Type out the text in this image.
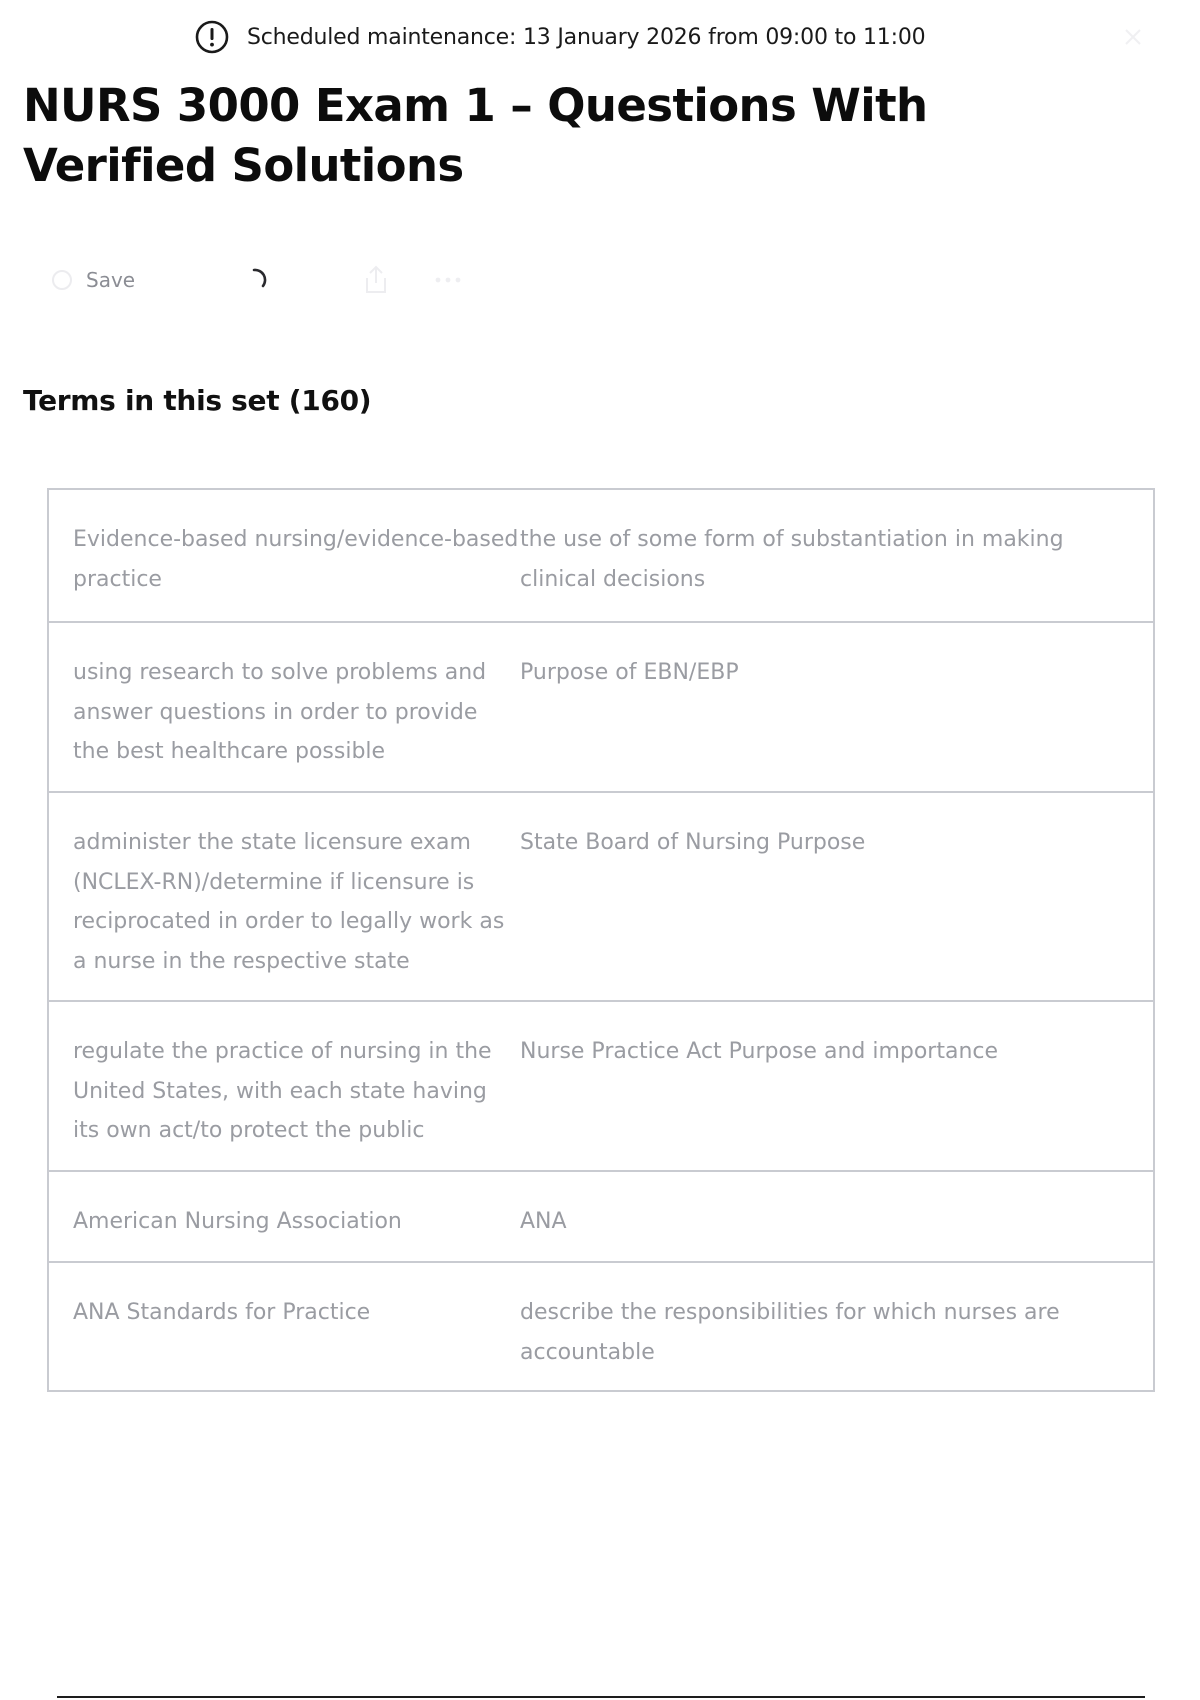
Scheduled maintenance: 13 January 2026 from 09:00 to 11:00
NURS 3000 Exam 1 – Questions With Verified Solutions
Save
Terms in this set (160)
Evidence-based nursing/evidence-based practice
the use of some form of substantiation in making clinical decisions
using research to solve problems and answer questions in order to provide the best healthcare possible
Purpose of EBN/EBP
administer the state licensure exam (NCLEX-RN)/determine if licensure is reciprocated in order to legally work as a nurse in the respective state
State Board of Nursing Purpose
regulate the practice of nursing in the United States, with each state having its own act/to protect the public
Nurse Practice Act Purpose and importance
American Nursing Association	ANA
ANA Standards for Practice	describe the responsibilities for which nurses are accountable
